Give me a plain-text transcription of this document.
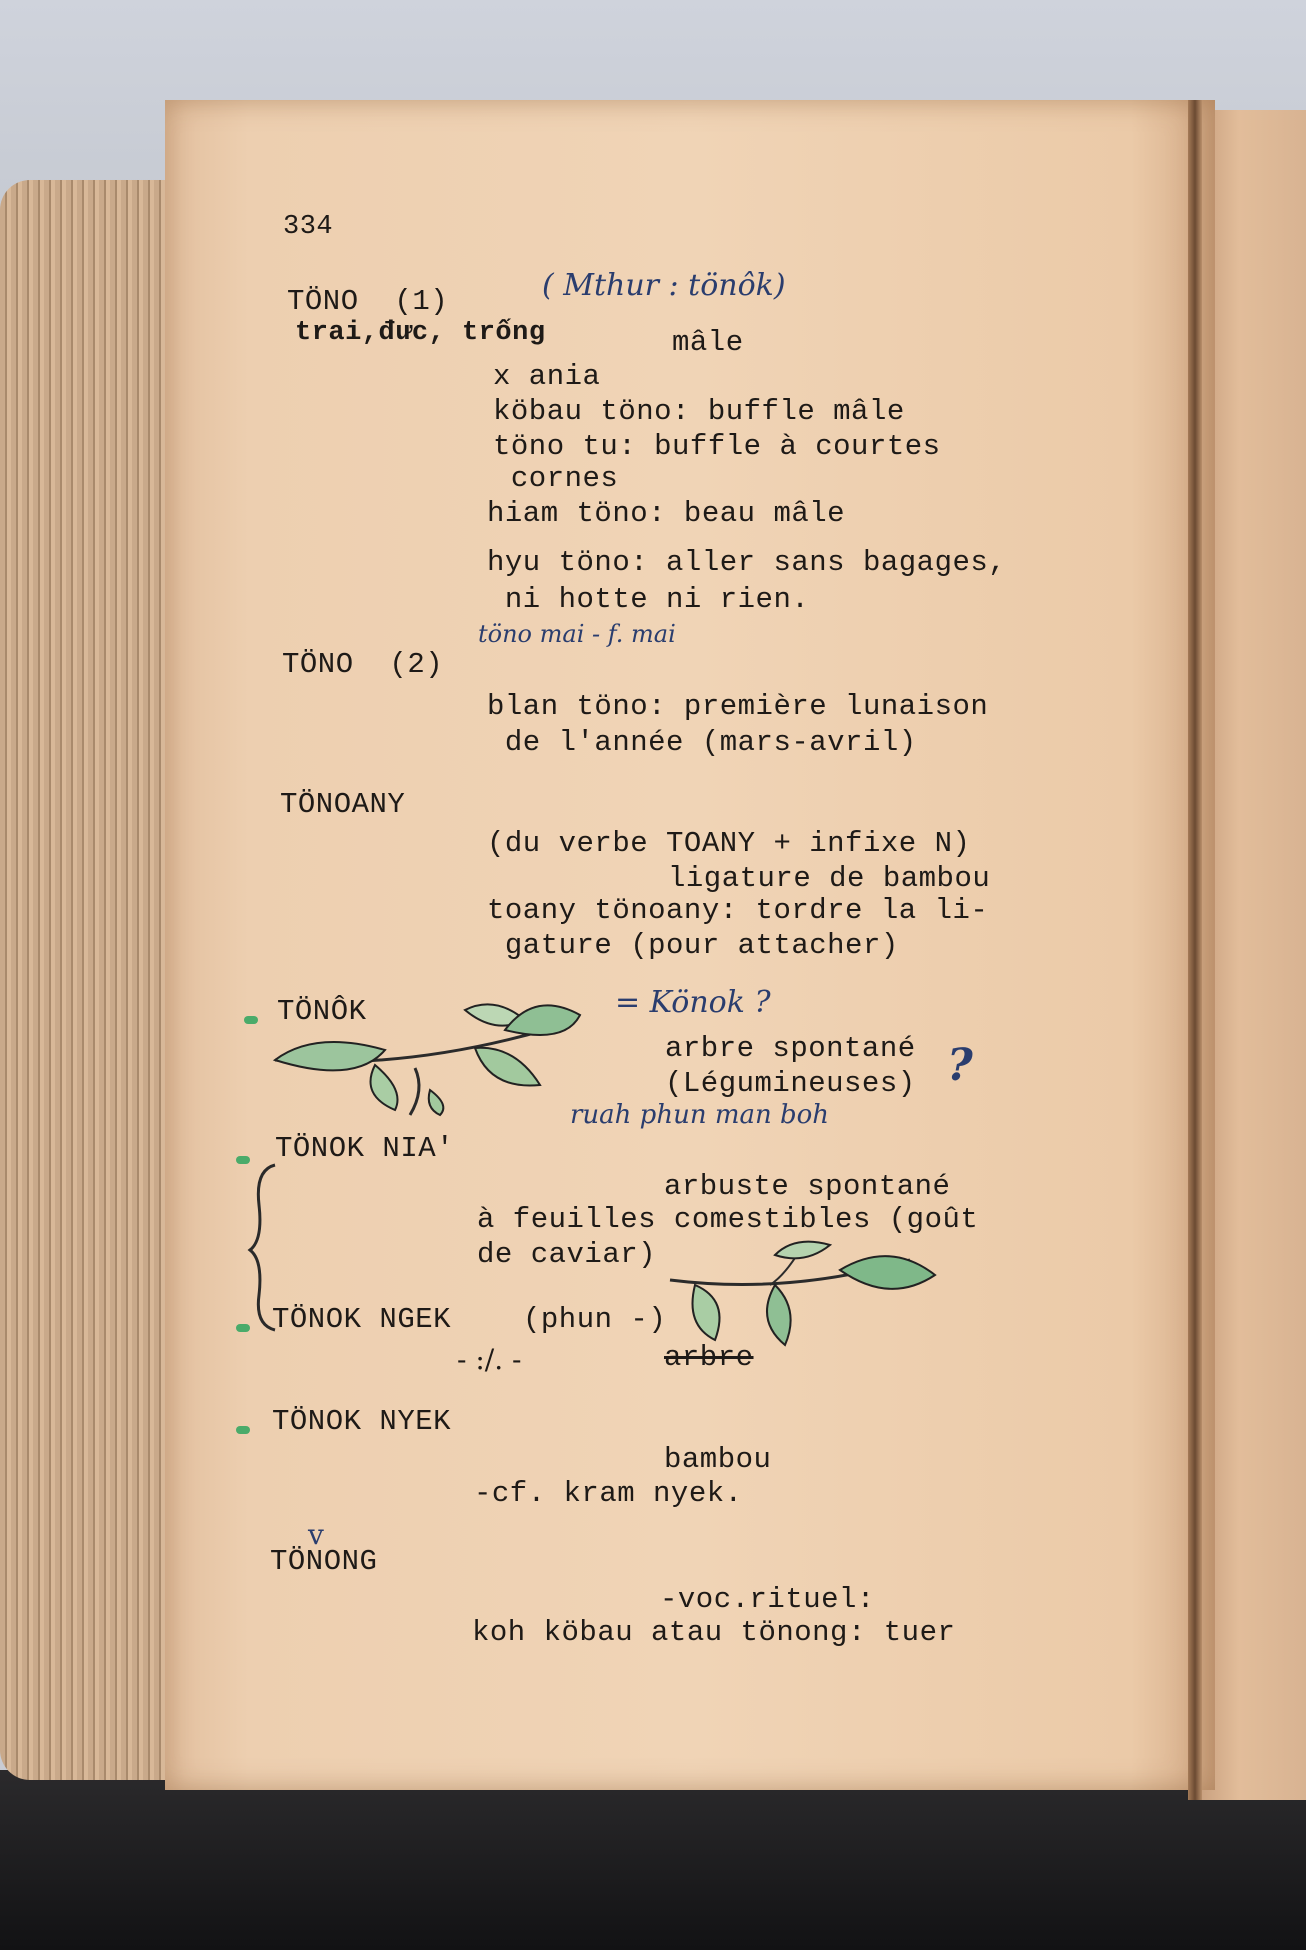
334
( Mthur : tönôk)
TÖNO  (1)
trai,đưc, trống	mâle
x ania
köbau töno: buffle mâle
töno tu: buffle à courtes
cornes
hiam töno: beau mâle
hyu töno: aller sans bagages,
ni hotte ni rien.
töno mai - f. mai
TÖNO  (2)
blan töno: première lunaison
de l'année (mars-avril)
TÖNOANY
(du verbe TOANY + infixe N)
ligature de bambou
toany tönoany: tordre la li-
gature (pour attacher)
TÖNÔK	= Könok ?
arbre spontané
(Légumineuses) ?
ruah phun man boh
TÖNOK NIA'
arbuste spontané
à feuilles comestibles (goût
de caviar)
TÖNOK NGEK (phun -)
- :/. -	arbre
TÖNOK NYEK
bambou
-cf. kram nyek.
v
TÖNONG
-voc.rituel:
koh köbau atau tönong: tuer
